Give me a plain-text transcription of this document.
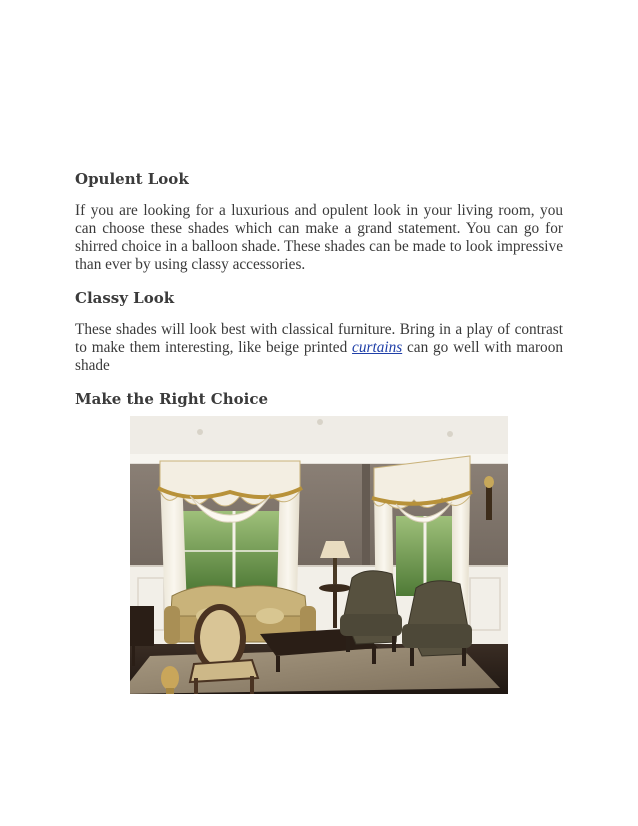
Opulent Look

If you are looking for a luxurious and opulent look in your living room, you can choose these shades which can make a grand statement. You can go for shirred choice in a balloon shade. These shades can be made to look impressive than ever by using classy accessories.

Classy Look

These shades will look best with classical furniture. Bring in a play of contrast to make them interesting, like beige printed curtains can go well with maroon shade

Make the Right Choice
